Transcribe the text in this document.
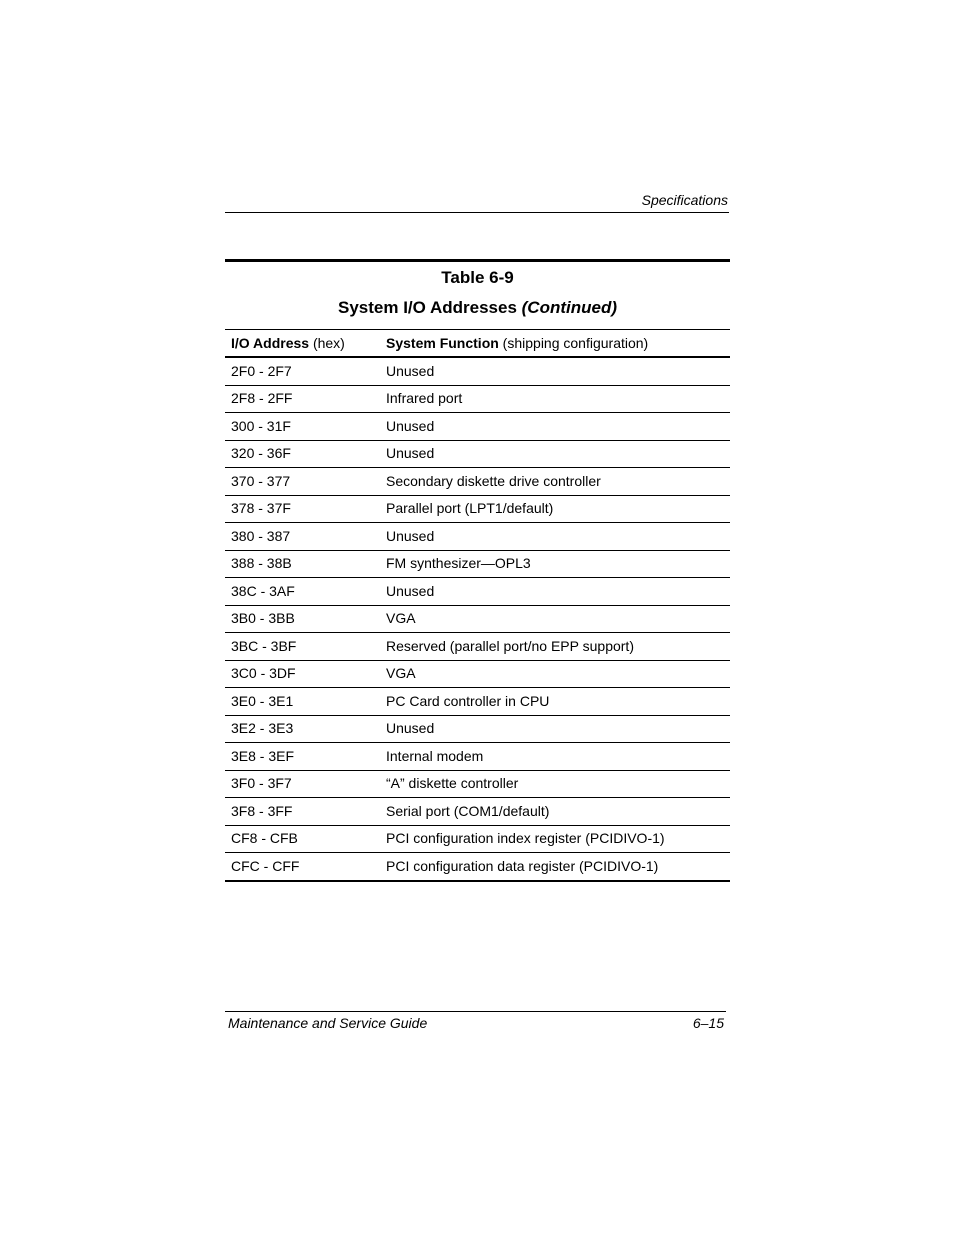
Specifications
Table 6-9
System I/O Addresses (Continued)
I/O Address (hex)	System Function (shipping configuration)
2F0 - 2F7	Unused
2F8 - 2FF	Infrared port
300 - 31F	Unused
320 - 36F	Unused
370 - 377	Secondary diskette drive controller
378 - 37F	Parallel port (LPT1/default)
380 - 387	Unused
388 - 38B	FM synthesizer—OPL3
38C - 3AF	Unused
3B0 - 3BB	VGA
3BC - 3BF	Reserved (parallel port/no EPP support)
3C0 - 3DF	VGA
3E0 - 3E1	PC Card controller in CPU
3E2 - 3E3	Unused
3E8 - 3EF	Internal modem
3F0 - 3F7	“A” diskette controller
3F8 - 3FF	Serial port (COM1/default)
CF8 - CFB	PCI configuration index register (PCIDIVO-1)
CFC - CFF	PCI configuration data register (PCIDIVO-1)
Maintenance and Service Guide	6–15
